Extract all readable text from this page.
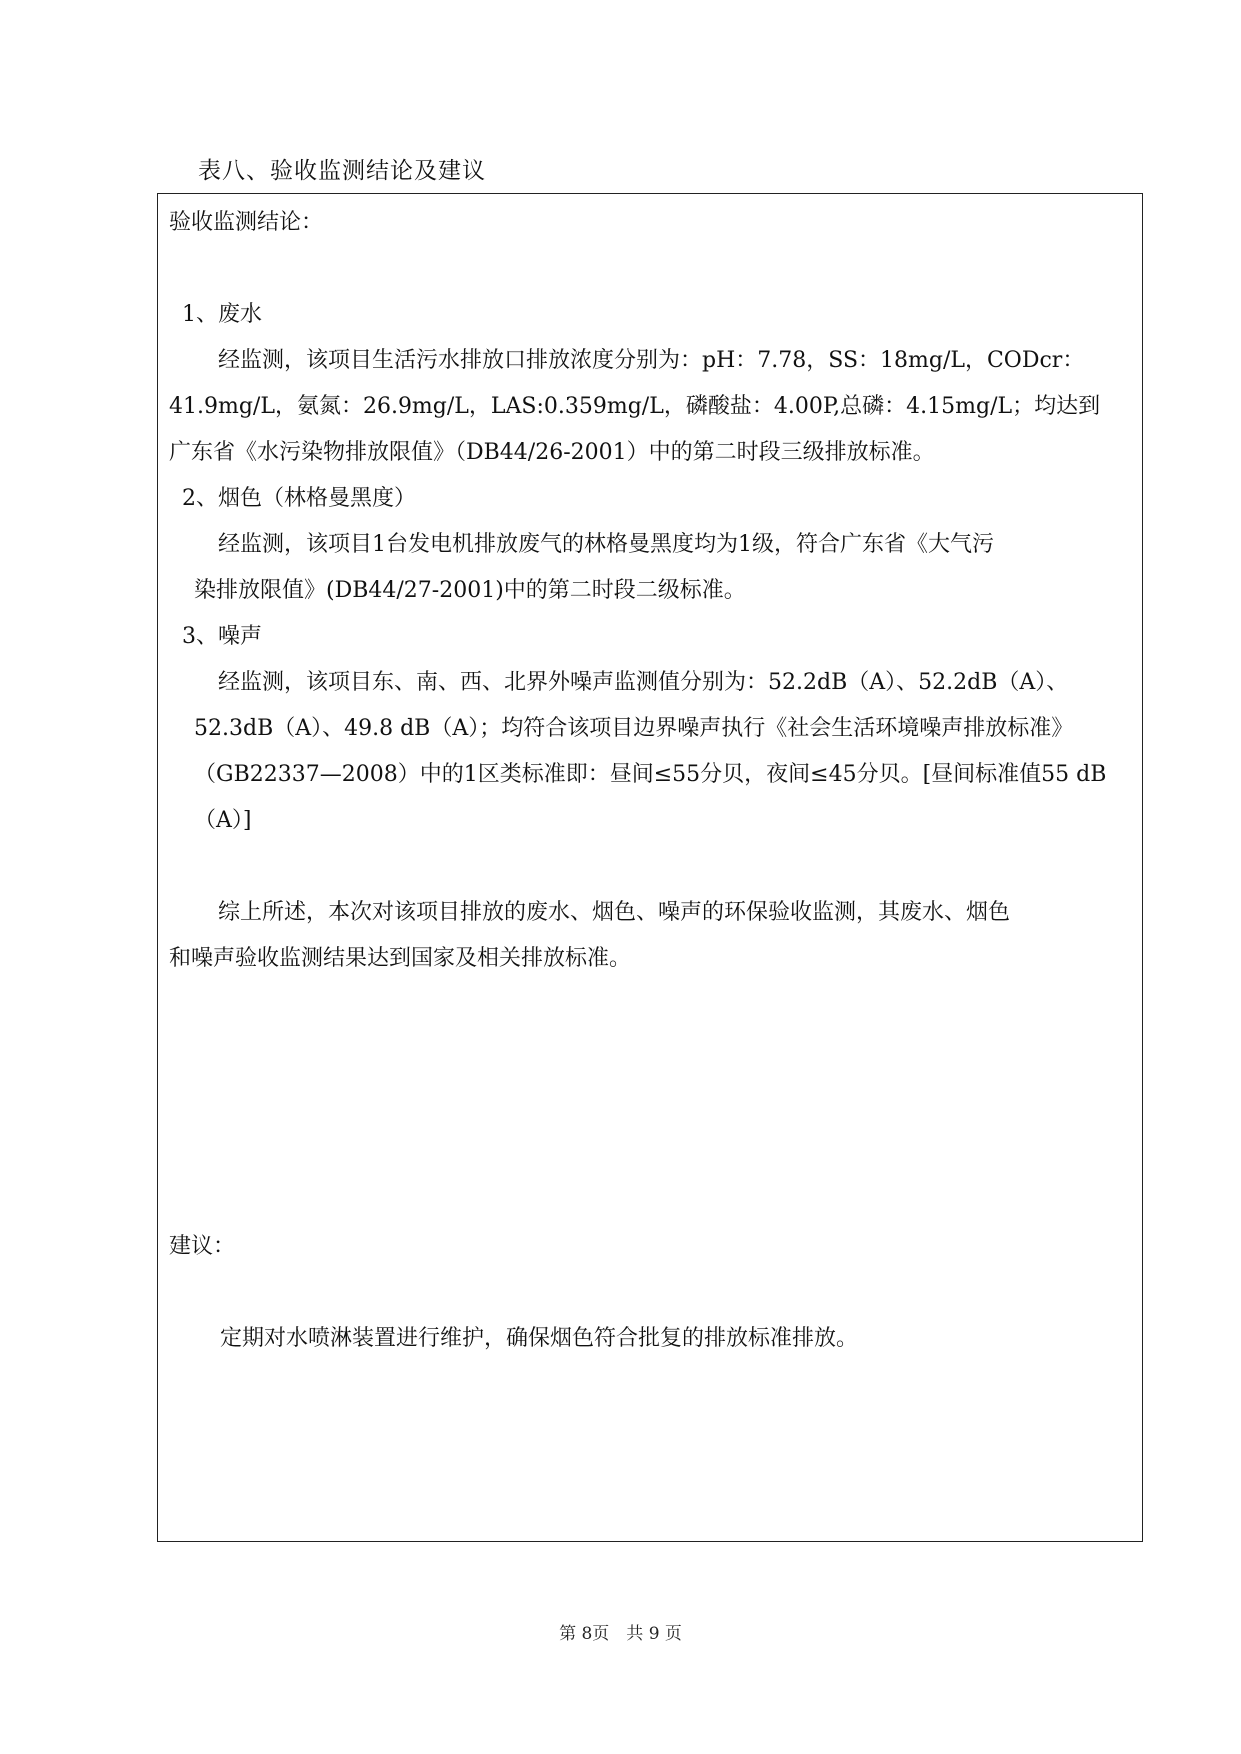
表八、验收监测结论及建议
验收监测结论：
1、废水
经监测，该项目生活污水排放口排放浓度分别为：pH：7.78，SS：18mg/L，CODcr：
41.9mg/L，氨氮：26.9mg/L，LAS:0.359mg/L，磷酸盐：4.00P,总磷：4.15mg/L；均达到
广东省《水污染物排放限值》（DB44/26-2001）中的第二时段三级排放标准。
2、烟色（林格曼黑度）
经监测，该项目1台发电机排放废气的林格曼黑度均为1级，符合广东省《大气污
染排放限值》(DB44/27-2001)中的第二时段二级标准。
3、噪声
经监测，该项目东、南、西、北界外噪声监测值分别为：52.2dB（A）、52.2dB（A）、
52.3dB（A）、49.8 dB（A）；均符合该项目边界噪声执行《社会生活环境噪声排放标准》
（GB22337—2008）中的1区类标准即：昼间≤55分贝，夜间≤45分贝。[昼间标准值55 dB
（A）]
综上所述，本次对该项目排放的废水、烟色、噪声的环保验收监测，其废水、烟色
和噪声验收监测结果达到国家及相关排放标准。
建议：
定期对水喷淋装置进行维护，确保烟色符合批复的排放标准排放。
第 8页　共 9 页
